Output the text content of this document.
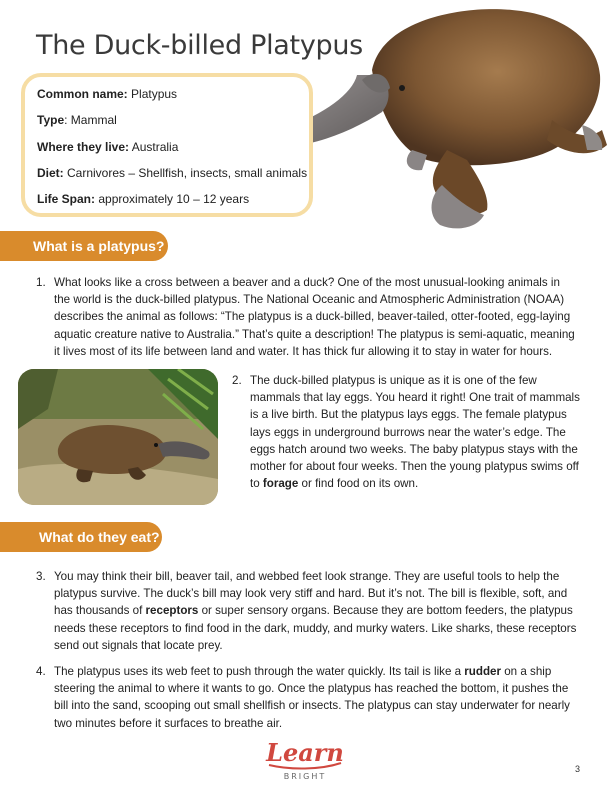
The Duck-billed Platypus
Common name: Platypus
Type: Mammal
Where they live: Australia
Diet: Carnivores – Shellfish, insects, small animals
Life Span: approximately 10 – 12 years
What is a platypus?

1. What looks like a cross between a beaver and a duck? One of the most unusual-looking animals in the world is the duck-billed platypus. The National Oceanic and Atmospheric Administration (NOAA) describes the animal as follows: “The platypus is a duck-billed, beaver-tailed, otter-footed, egg-laying aquatic creature native to Australia.” That’s quite a description! The platypus is semi-aquatic, meaning it lives most of its life between land and water. It has thick fur allowing it to stay in water for hours.

2. The duck-billed platypus is unique as it is one of the few mammals that lay eggs. You heard it right! One trait of mammals is a live birth. But the platypus lays eggs. The female platypus lays eggs in underground burrows near the water’s edge. The eggs hatch around two weeks. The baby platypus stays with the mother for about four weeks. Then the young platypus swims off to forage or find food on its own.

What do they eat?

3. You may think their bill, beaver tail, and webbed feet look strange. They are useful tools to help the platypus survive. The duck’s bill may look very stiff and hard. But it’s not. The bill is flexible, soft, and has thousands of receptors or super sensory organs. Because they are bottom feeders, the platypus needs these receptors to find food in the dark, muddy, and murky waters. Like sharks, these receptors send out signals that locate prey.

4. The platypus uses its web feet to push through the water quickly. Its tail is like a rudder on a ship steering the animal to where it wants to go. Once the platypus has reached the bottom, it pushes the bill into the sand, scooping out small shellfish or insects. The platypus can stay underwater for nearly two minutes before it surfaces to breathe air.

Learn
BRIGHT
3
